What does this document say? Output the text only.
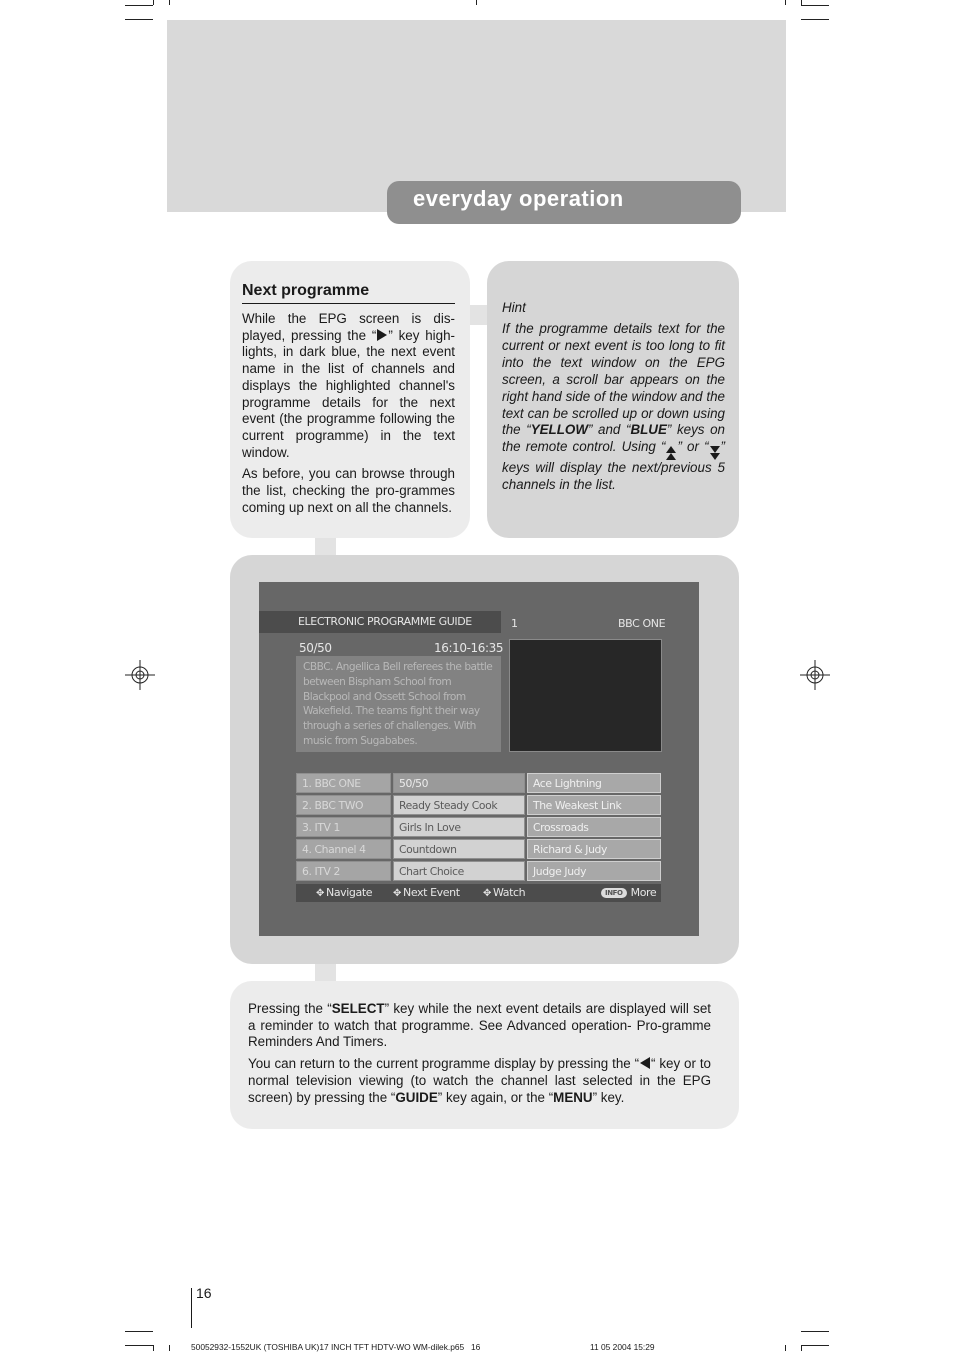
everyday operation
Next programme

While the EPG screen is dis-played, pressing the “ ” key high-lights, in dark blue, the next event name in the list of channels and displays the highlighted channel's programme details for the next event (the programme following the current programme) in the text window.

As before, you can browse through the list, checking the pro-grammes coming up next on all the channels.

Hint
If the programme details text for the current or next event is too long to fit into the text window on the EPG screen, a scroll bar appears on the right hand side of the window and the text can be scrolled up or down using the “YELLOW” and “BLUE” keys on the remote control. Using “ ” or “ ” keys will display the next/previous 5 channels in the list.
ELECTRONIC PROGRAMME GUIDE	1	BBC ONE
50/50	16:10-16:35
CBBC. Angellica Bell referees the battle between Bispham School from Blackpool and Ossett School from Wakefield. The teams fight their way through a series of challenges. With music from Sugababes.
1. BBC ONE	50/50	Ace Lightning
2. BBC TWO	Ready Steady Cook	The Weakest Link
3. ITV 1	Girls In Love	Crossroads
4. Channel 4	Countdown	Richard & Judy
6. ITV 2	Chart Choice	Judge Judy
✥ Navigate ✥ Next Event ✥ Watch	INFO More

Pressing the “SELECT” key while the next event details are displayed will set a reminder to watch that programme. See Advanced operation- Pro-gramme Reminders And Timers.

You can return to the current programme display by pressing the “ “ key or to normal television viewing (to watch the channel last selected in the EPG screen) by pressing the “GUIDE” key again, or the “MENU” key.

16
50052932-1552UK (TOSHIBA UK)17 INCH TFT HDTV-WO WM-dilek.p65 16	11 05 2004 15:29
